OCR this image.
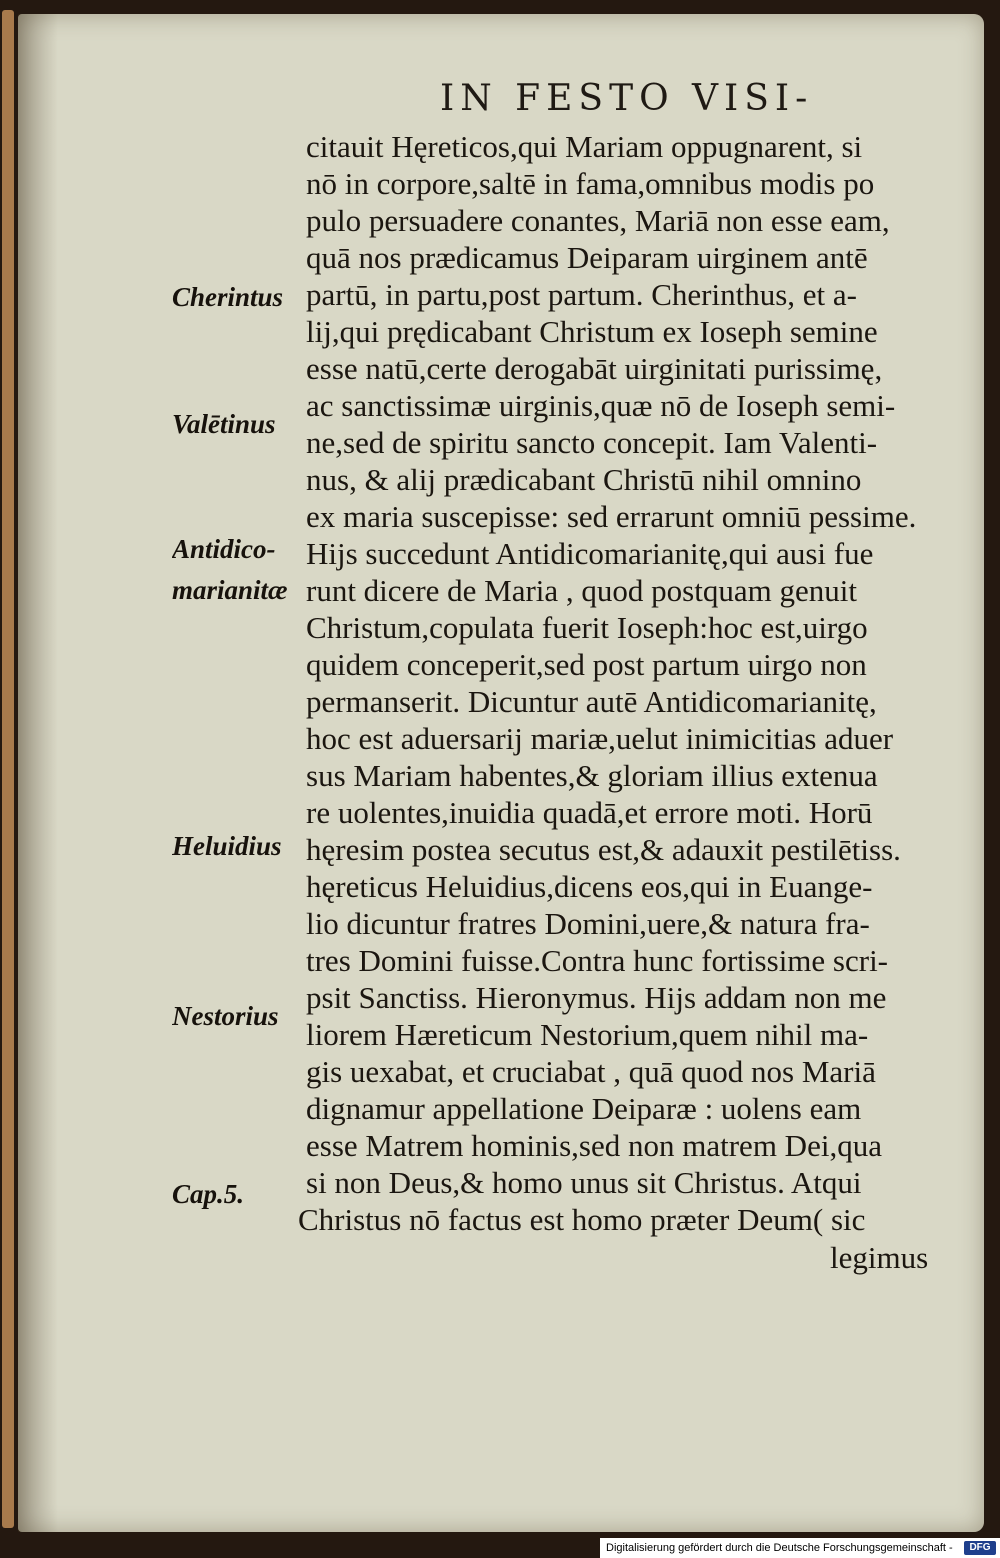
IN FESTO VISI-
citauit Hęreticos,qui Mariam oppugnarent, si
nō in corpore,saltē in fama,omnibus modis po
pulo persuadere conantes, Mariā non esse eam,
quā nos prædicamus Deiparam uirginem antē
partū, in partu,post partum. Cherinthus, et a-
lij,qui prędicabant Christum ex Ioseph semine
esse natū,certe derogabāt uirginitati purissimę,
ac sanctissimæ uirginis,quæ nō de Ioseph semi-
ne,sed de spiritu sancto concepit. Iam Valenti-
nus, & alij prædicabant Christū nihil omnino
ex maria suscepisse: sed errarunt omniū pessime.
Hijs succedunt Antidicomarianitę,qui ausi fue
runt dicere de Maria , quod postquam genuit
Christum,copulata fuerit Ioseph:hoc est,uirgo
quidem conceperit,sed post partum uirgo non
permanserit. Dicuntur autē Antidicomarianitę,
hoc est aduersarij mariæ,uelut inimicitias aduer
sus Mariam habentes,& gloriam illius extenua
re uolentes,inuidia quadā,et errore moti. Horū
hęresim postea secutus est,& adauxit pestilētiss.
hęreticus Heluidius,dicens eos,qui in Euange-
lio dicuntur fratres Domini,uere,& natura fra-
tres Domini fuisse.Contra hunc fortissime scri-
psit Sanctiss. Hieronymus. Hijs addam non me
liorem Hæreticum Nestorium,quem nihil ma-
gis uexabat, et cruciabat , quā quod nos Mariā
dignamur appellatione Deiparæ : uolens eam
esse Matrem hominis,sed non matrem Dei,qua
si non Deus,& homo unus sit Christus. Atqui
Christus nō factus est homo præter Deum( sic
legimus
Cherintus
Valētinus
Antidico-
marianitæ
Heluidius
Nestorius
Cap.5.
Digitalisierung gefördert durch die Deutsche Forschungsgemeinschaft -	DFG
